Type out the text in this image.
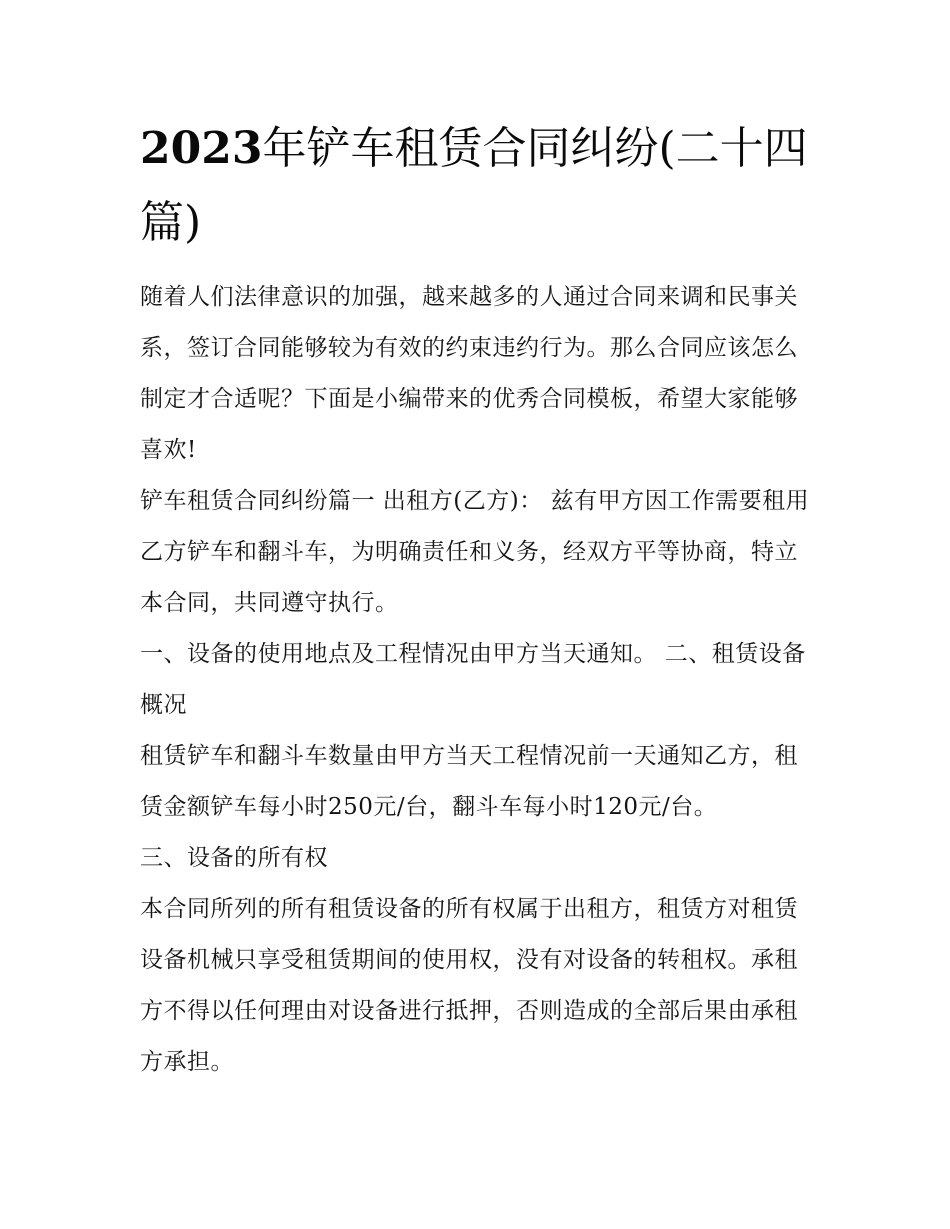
2023年铲车租赁合同纠纷(二十四篇)

随着人们法律意识的加强，越来越多的人通过合同来调和民事关系，签订合同能够较为有效的约束违约行为。那么合同应该怎么制定才合适呢？下面是小编带来的优秀合同模板，希望大家能够喜欢!

铲车租赁合同纠纷篇一 出租方(乙方)： 兹有甲方因工作需要租用乙方铲车和翻斗车，为明确责任和义务，经双方平等协商，特立本合同，共同遵守执行。

一、设备的使用地点及工程情况由甲方当天通知。 二、租赁设备概况

租赁铲车和翻斗车数量由甲方当天工程情况前一天通知乙方，租赁金额铲车每小时250元/台，翻斗车每小时120元/台。

三、设备的所有权

本合同所列的所有租赁设备的所有权属于出租方，租赁方对租赁设备机械只享受租赁期间的使用权，没有对设备的转租权。承租方不得以任何理由对设备进行抵押，否则造成的全部后果由承租方承担。
